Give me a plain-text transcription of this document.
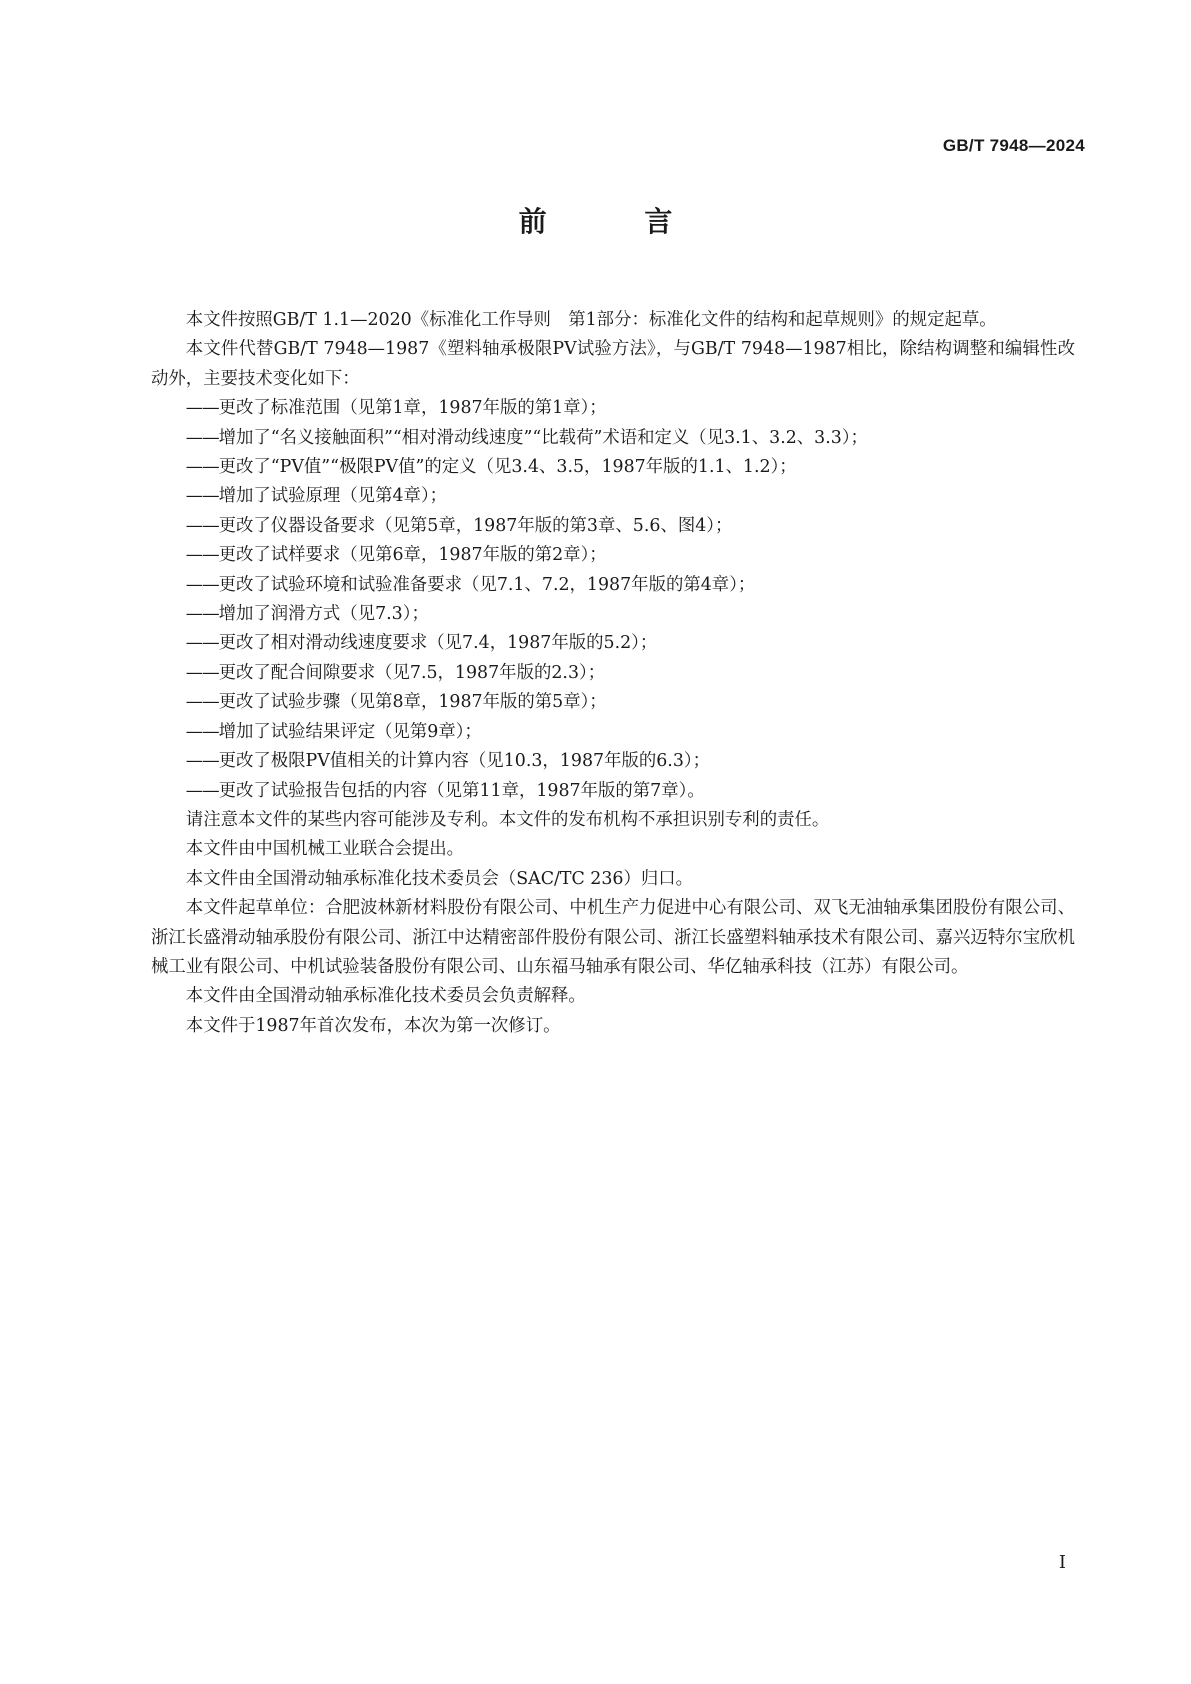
GB/T 7948—2024
前 言

本文件按照GB/T 1.1—2020《标准化工作导则　第1部分：标准化文件的结构和起草规则》的规定起草。

本文件代替GB/T 7948—1987《塑料轴承极限PV试验方法》，与GB/T 7948—1987相比，除结构调整和编辑性改动外，主要技术变化如下：

——更改了标准范围（见第1章，1987年版的第1章）；
——增加了“名义接触面积”“相对滑动线速度”“比载荷”术语和定义（见3.1、3.2、3.3）；
——更改了“PV值”“极限PV值”的定义（见3.4、3.5，1987年版的1.1、1.2）；
——增加了试验原理（见第4章）；
——更改了仪器设备要求（见第5章，1987年版的第3章、5.6、图4）；
——更改了试样要求（见第6章，1987年版的第2章）；
——更改了试验环境和试验准备要求（见7.1、7.2，1987年版的第4章）；
——增加了润滑方式（见7.3）；
——更改了相对滑动线速度要求（见7.4，1987年版的5.2）；
——更改了配合间隙要求（见7.5，1987年版的2.3）；
——更改了试验步骤（见第8章，1987年版的第5章）；
——增加了试验结果评定（见第9章）；
——更改了极限PV值相关的计算内容（见10.3，1987年版的6.3）；
——更改了试验报告包括的内容（见第11章，1987年版的第7章）。

请注意本文件的某些内容可能涉及专利。本文件的发布机构不承担识别专利的责任。

本文件由中国机械工业联合会提出。

本文件由全国滑动轴承标准化技术委员会（SAC/TC 236）归口。

本文件起草单位：合肥波林新材料股份有限公司、中机生产力促进中心有限公司、双飞无油轴承集团股份有限公司、浙江长盛滑动轴承股份有限公司、浙江中达精密部件股份有限公司、浙江长盛塑料轴承技术有限公司、嘉兴迈特尔宝欣机械工业有限公司、中机试验装备股份有限公司、山东福马轴承有限公司、华亿轴承科技（江苏）有限公司。

本文件由全国滑动轴承标准化技术委员会负责解释。

本文件于1987年首次发布，本次为第一次修订。

I
